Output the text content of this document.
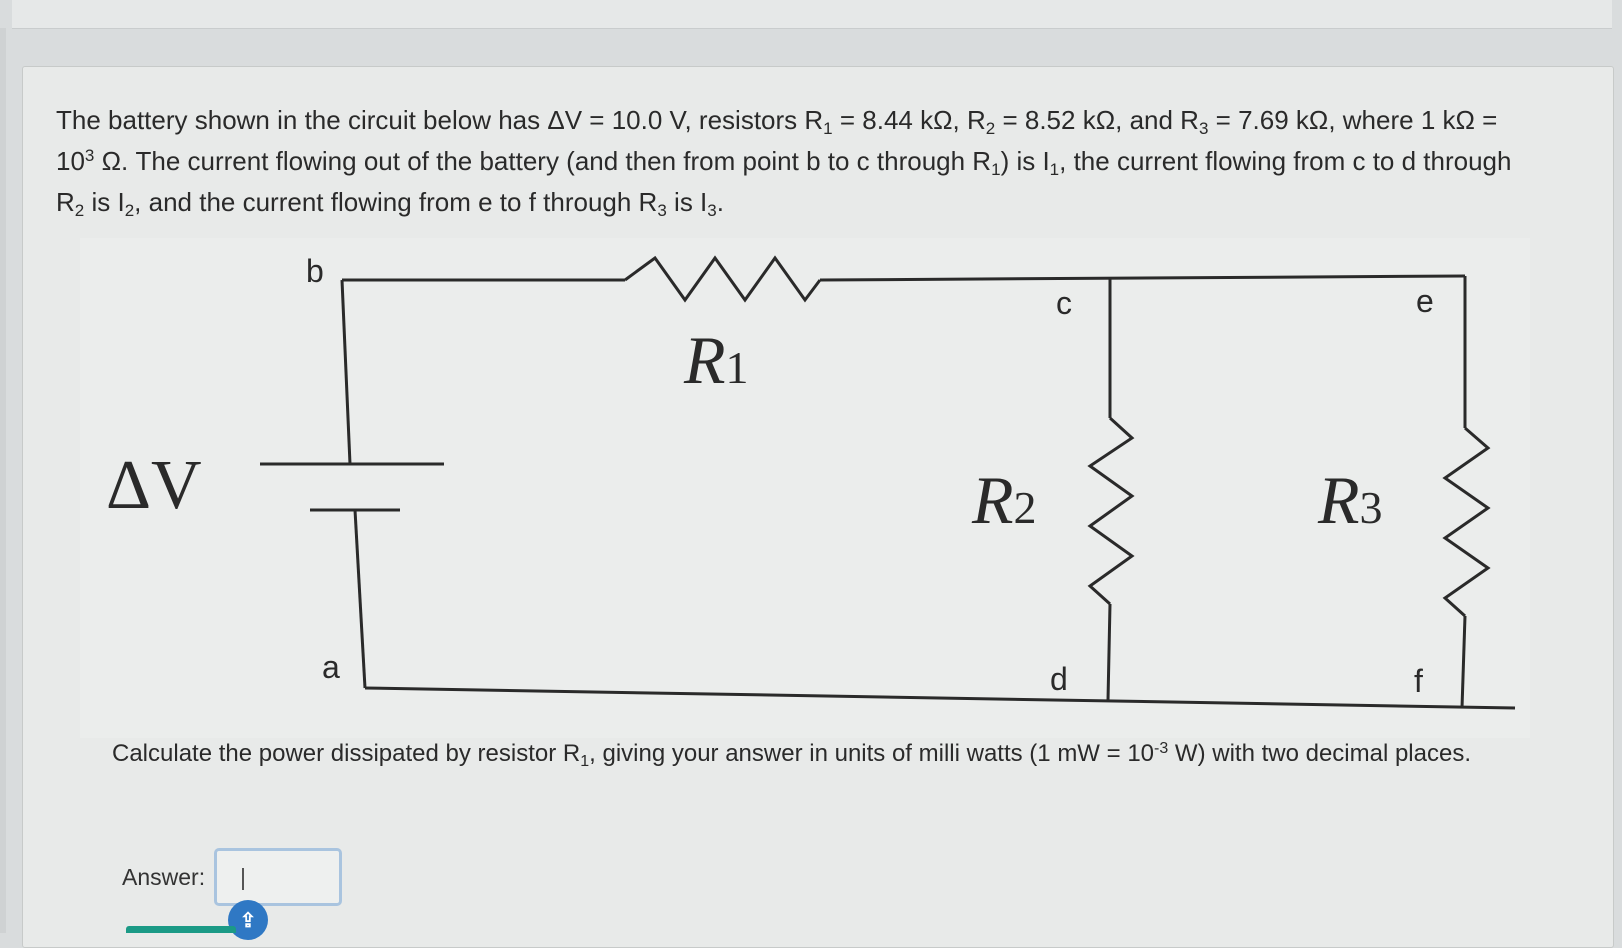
The battery shown in the circuit below has ΔV = 10.0 V, resistors $R_1 = 8.44$ kΩ, $R_2 = 8.52$ kΩ, and $R_3 = 7.69$ kΩ, where 1 $k\Omega = 10^3$ Ω. The current flowing out of the battery (and then from point b to c through $R_1$) is $I_1$, the current flowing from c to d through $R_2$ is $I_2$, and the current flowing from e to f through $R_3$ is $I_3$.
ΔV
R1
R2	R3
b
a
c
d
e
f
Calculate the power dissipated by resistor $R_1$, giving your answer in units of milli watts (1 mW = $10^{-3}$ W) with two decimal places.
Answer:
⇪
